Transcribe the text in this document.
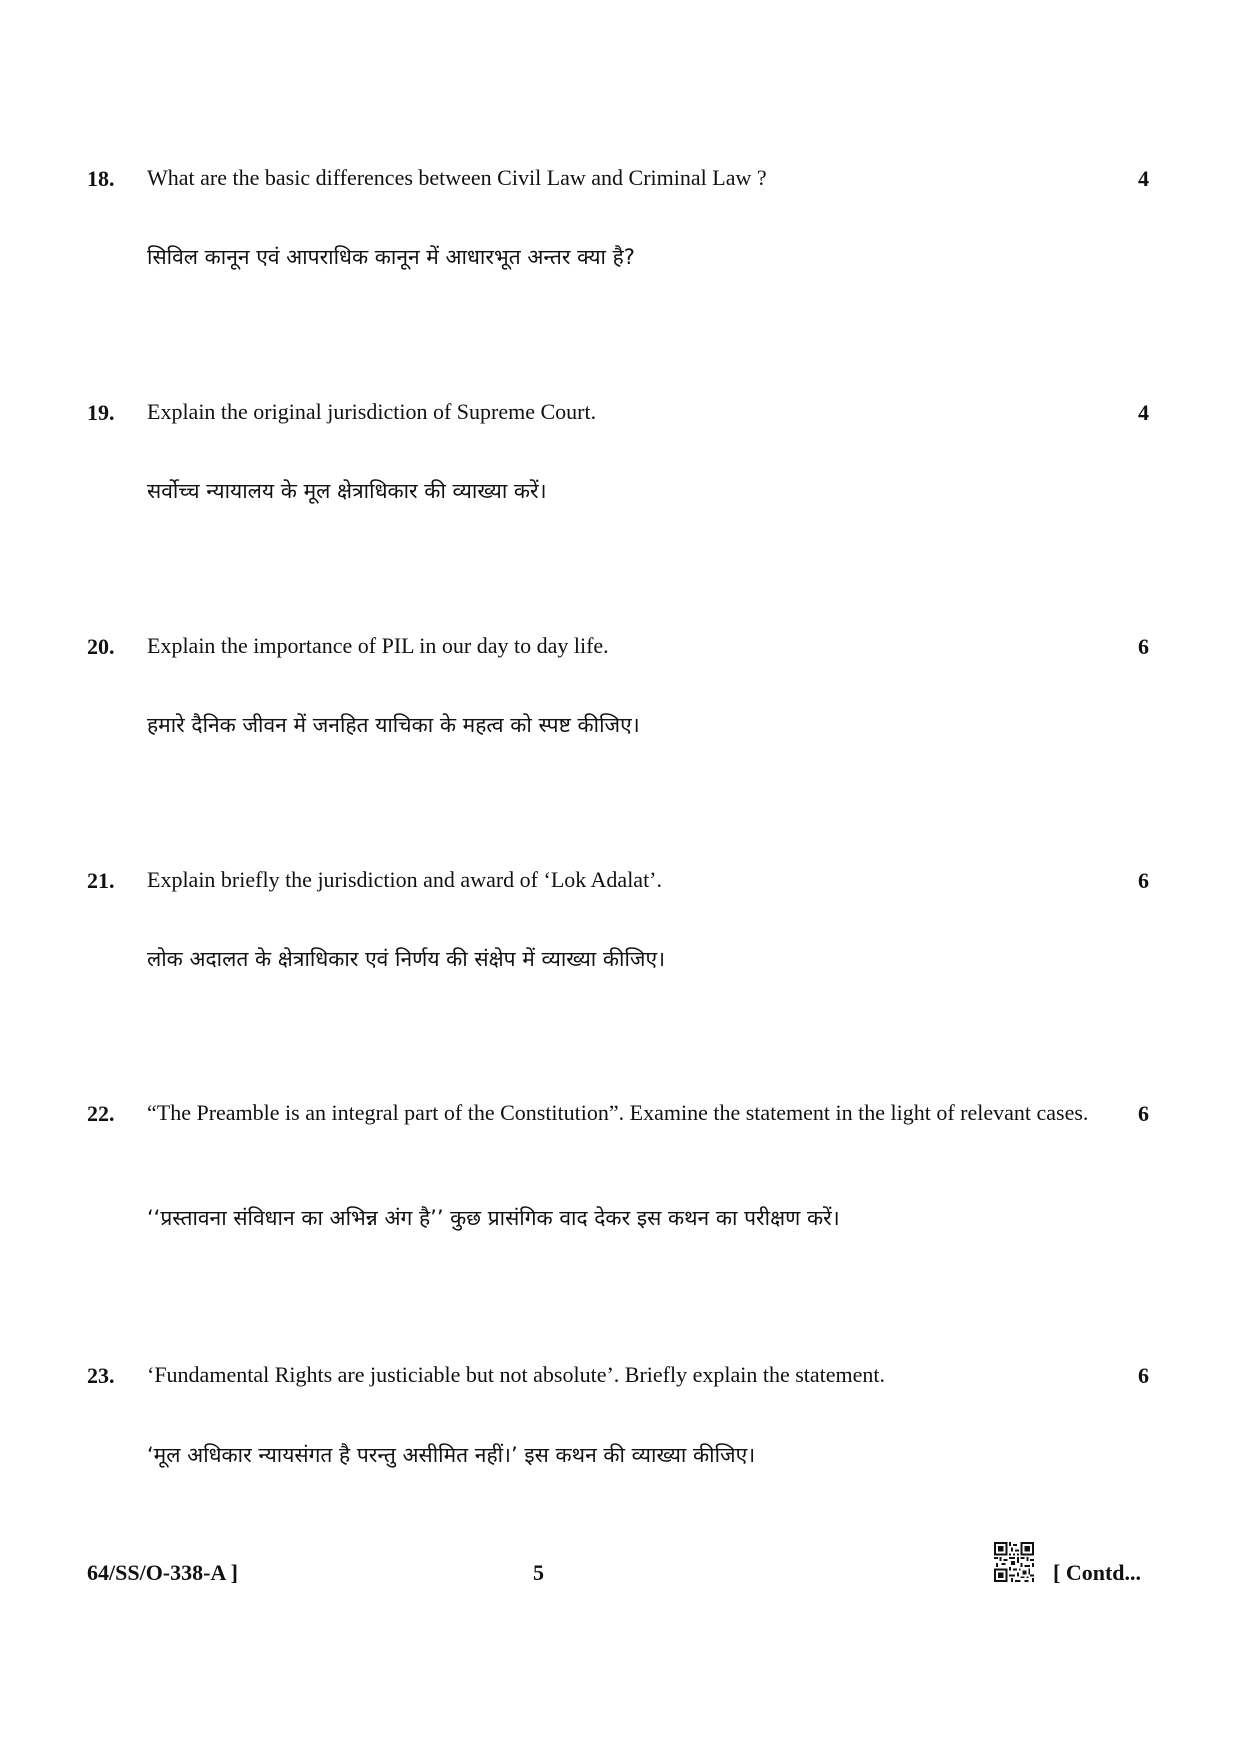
18. What are the basic differences between Civil Law and Criminal Law ?	4
सिविल कानून एवं आपराधिक कानून में आधारभूत अन्तर क्या है?
19. Explain the original jurisdiction of Supreme Court.	4
सर्वोच्च न्यायालय के मूल क्षेत्राधिकार की व्याख्या करें।
20. Explain the importance of PIL in our day to day life.	6
हमारे दैनिक जीवन में जनहित याचिका के महत्व को स्पष्ट कीजिए।
21. Explain briefly the jurisdiction and award of ‘Lok Adalat’.	6
लोक अदालत के क्षेत्राधिकार एवं निर्णय की संक्षेप में व्याख्या कीजिए।
22. “The Preamble is an integral part of the Constitution”. Examine the statement in the light of relevant cases.	6
‘‘प्रस्तावना संविधान का अभिन्न अंग है’’ कुछ प्रासंगिक वाद देकर इस कथन का परीक्षण करें।
23. ‘Fundamental Rights are justiciable but not absolute’. Briefly explain the statement.	6
‘मूल अधिकार न्यायसंगत है परन्तु असीमित नहीं।’ इस कथन की व्याख्या कीजिए।
64/SS/O-338-A ]	5	[ Contd...
